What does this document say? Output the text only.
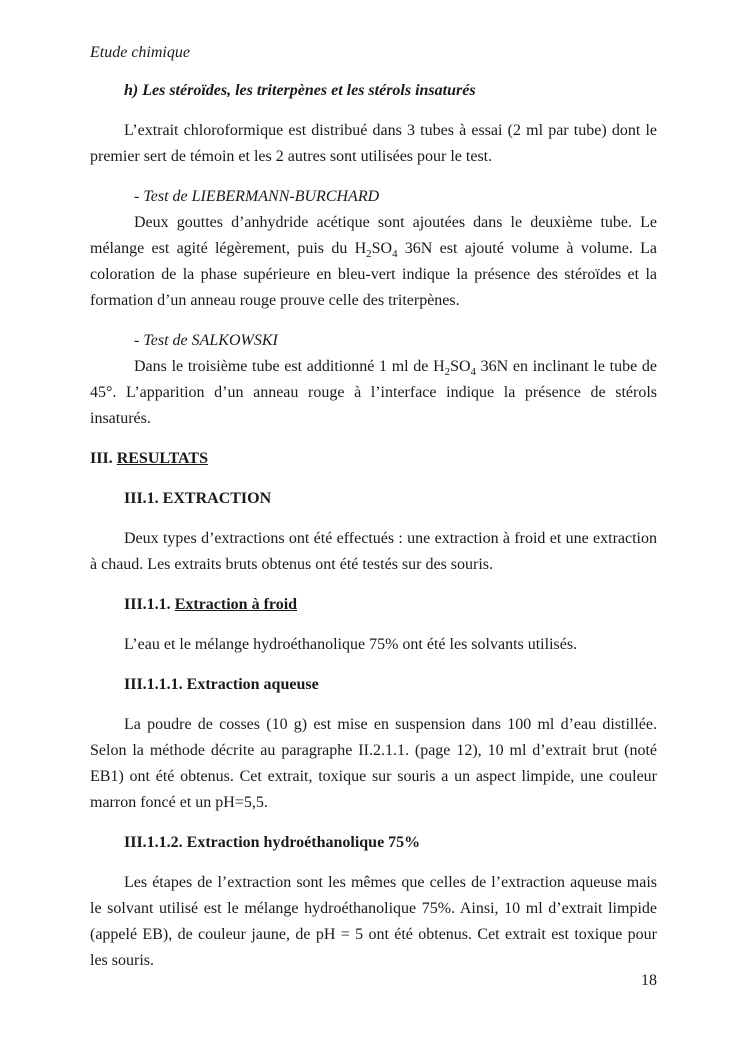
Etude chimique

h) Les stéroïdes, les triterpènes et les stérols insaturés

L’extrait chloroformique est distribué dans 3 tubes à essai (2 ml par tube) dont le premier sert de témoin et les 2 autres sont utilisées pour le test.

- Test de LIEBERMANN-BURCHARD

Deux gouttes d’anhydride acétique sont ajoutées dans le deuxième tube. Le mélange est agité légèrement, puis du $H_2SO_4$ 36N est ajouté volume à volume. La coloration de la phase supérieure en bleu-vert indique la présence des stéroïdes et la formation d’un anneau rouge prouve celle des triterpènes.

- Test de SALKOWSKI

Dans le troisième tube est additionné 1 ml de $H_2SO_4$ 36N en inclinant le tube de 45°. L’apparition d’un anneau rouge à l’interface indique la présence de stérols insaturés.

III. RESULTATS

III.1. EXTRACTION

Deux types d’extractions ont été effectués : une extraction à froid et une extraction à chaud. Les extraits bruts obtenus ont été testés sur des souris.

III.1.1. Extraction à froid

L’eau et le mélange hydroéthanolique 75% ont été les solvants utilisés.

III.1.1.1. Extraction aqueuse

La poudre de cosses (10 g) est mise en suspension dans 100 ml d’eau distillée. Selon la méthode décrite au paragraphe II.2.1.1. (page 12), 10 ml d’extrait brut (noté EB1) ont été obtenus. Cet extrait, toxique sur souris a un aspect limpide, une couleur marron foncé et un pH=5,5.

III.1.1.2. Extraction hydroéthanolique 75%

Les étapes de l’extraction sont les mêmes que celles de l’extraction aqueuse mais le solvant utilisé est le mélange hydroéthanolique 75%. Ainsi, 10 ml d’extrait limpide (appelé EB), de couleur jaune, de pH = 5 ont été obtenus. Cet extrait est toxique pour les souris.

18
